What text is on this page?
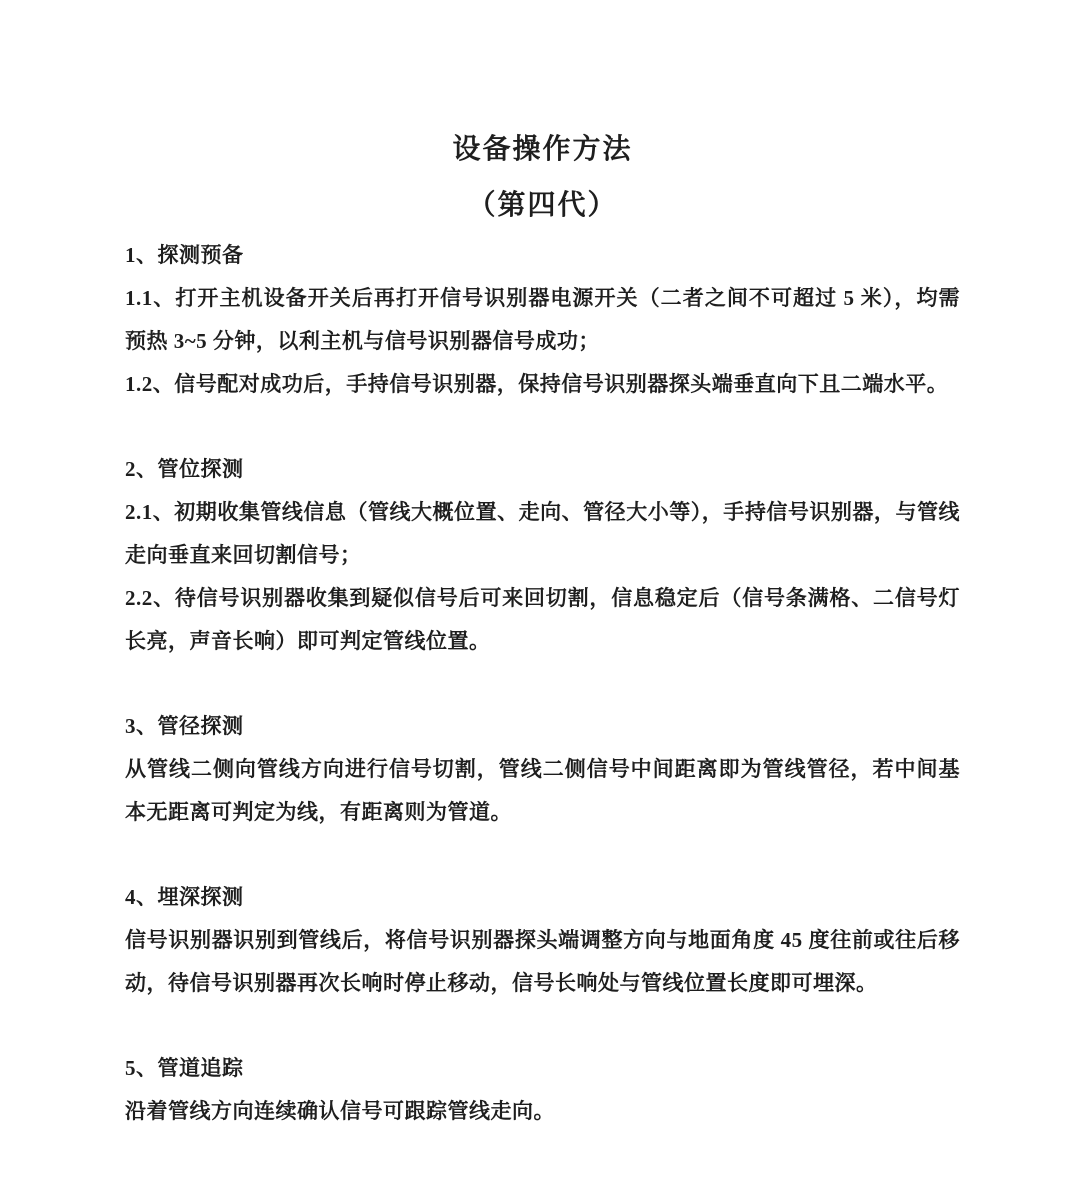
设备操作方法
（第四代）

1、探测预备

1.1、打开主机设备开关后再打开信号识别器电源开关（二者之间不可超过 5 米），均需预热 3~5 分钟，以利主机与信号识别器信号成功；

1.2、信号配对成功后，手持信号识别器，保持信号识别器探头端垂直向下且二端水平。

2、管位探测

2.1、初期收集管线信息（管线大概位置、走向、管径大小等），手持信号识别器，与管线走向垂直来回切割信号；

2.2、待信号识别器收集到疑似信号后可来回切割，信息稳定后（信号条满格、二信号灯长亮，声音长响）即可判定管线位置。

3、管径探测

从管线二侧向管线方向进行信号切割，管线二侧信号中间距离即为管线管径，若中间基本无距离可判定为线，有距离则为管道。

4、埋深探测

信号识别器识别到管线后，将信号识别器探头端调整方向与地面角度 45 度往前或往后移动，待信号识别器再次长响时停止移动，信号长响处与管线位置长度即可埋深。

5、管道追踪

沿着管线方向连续确认信号可跟踪管线走向。
